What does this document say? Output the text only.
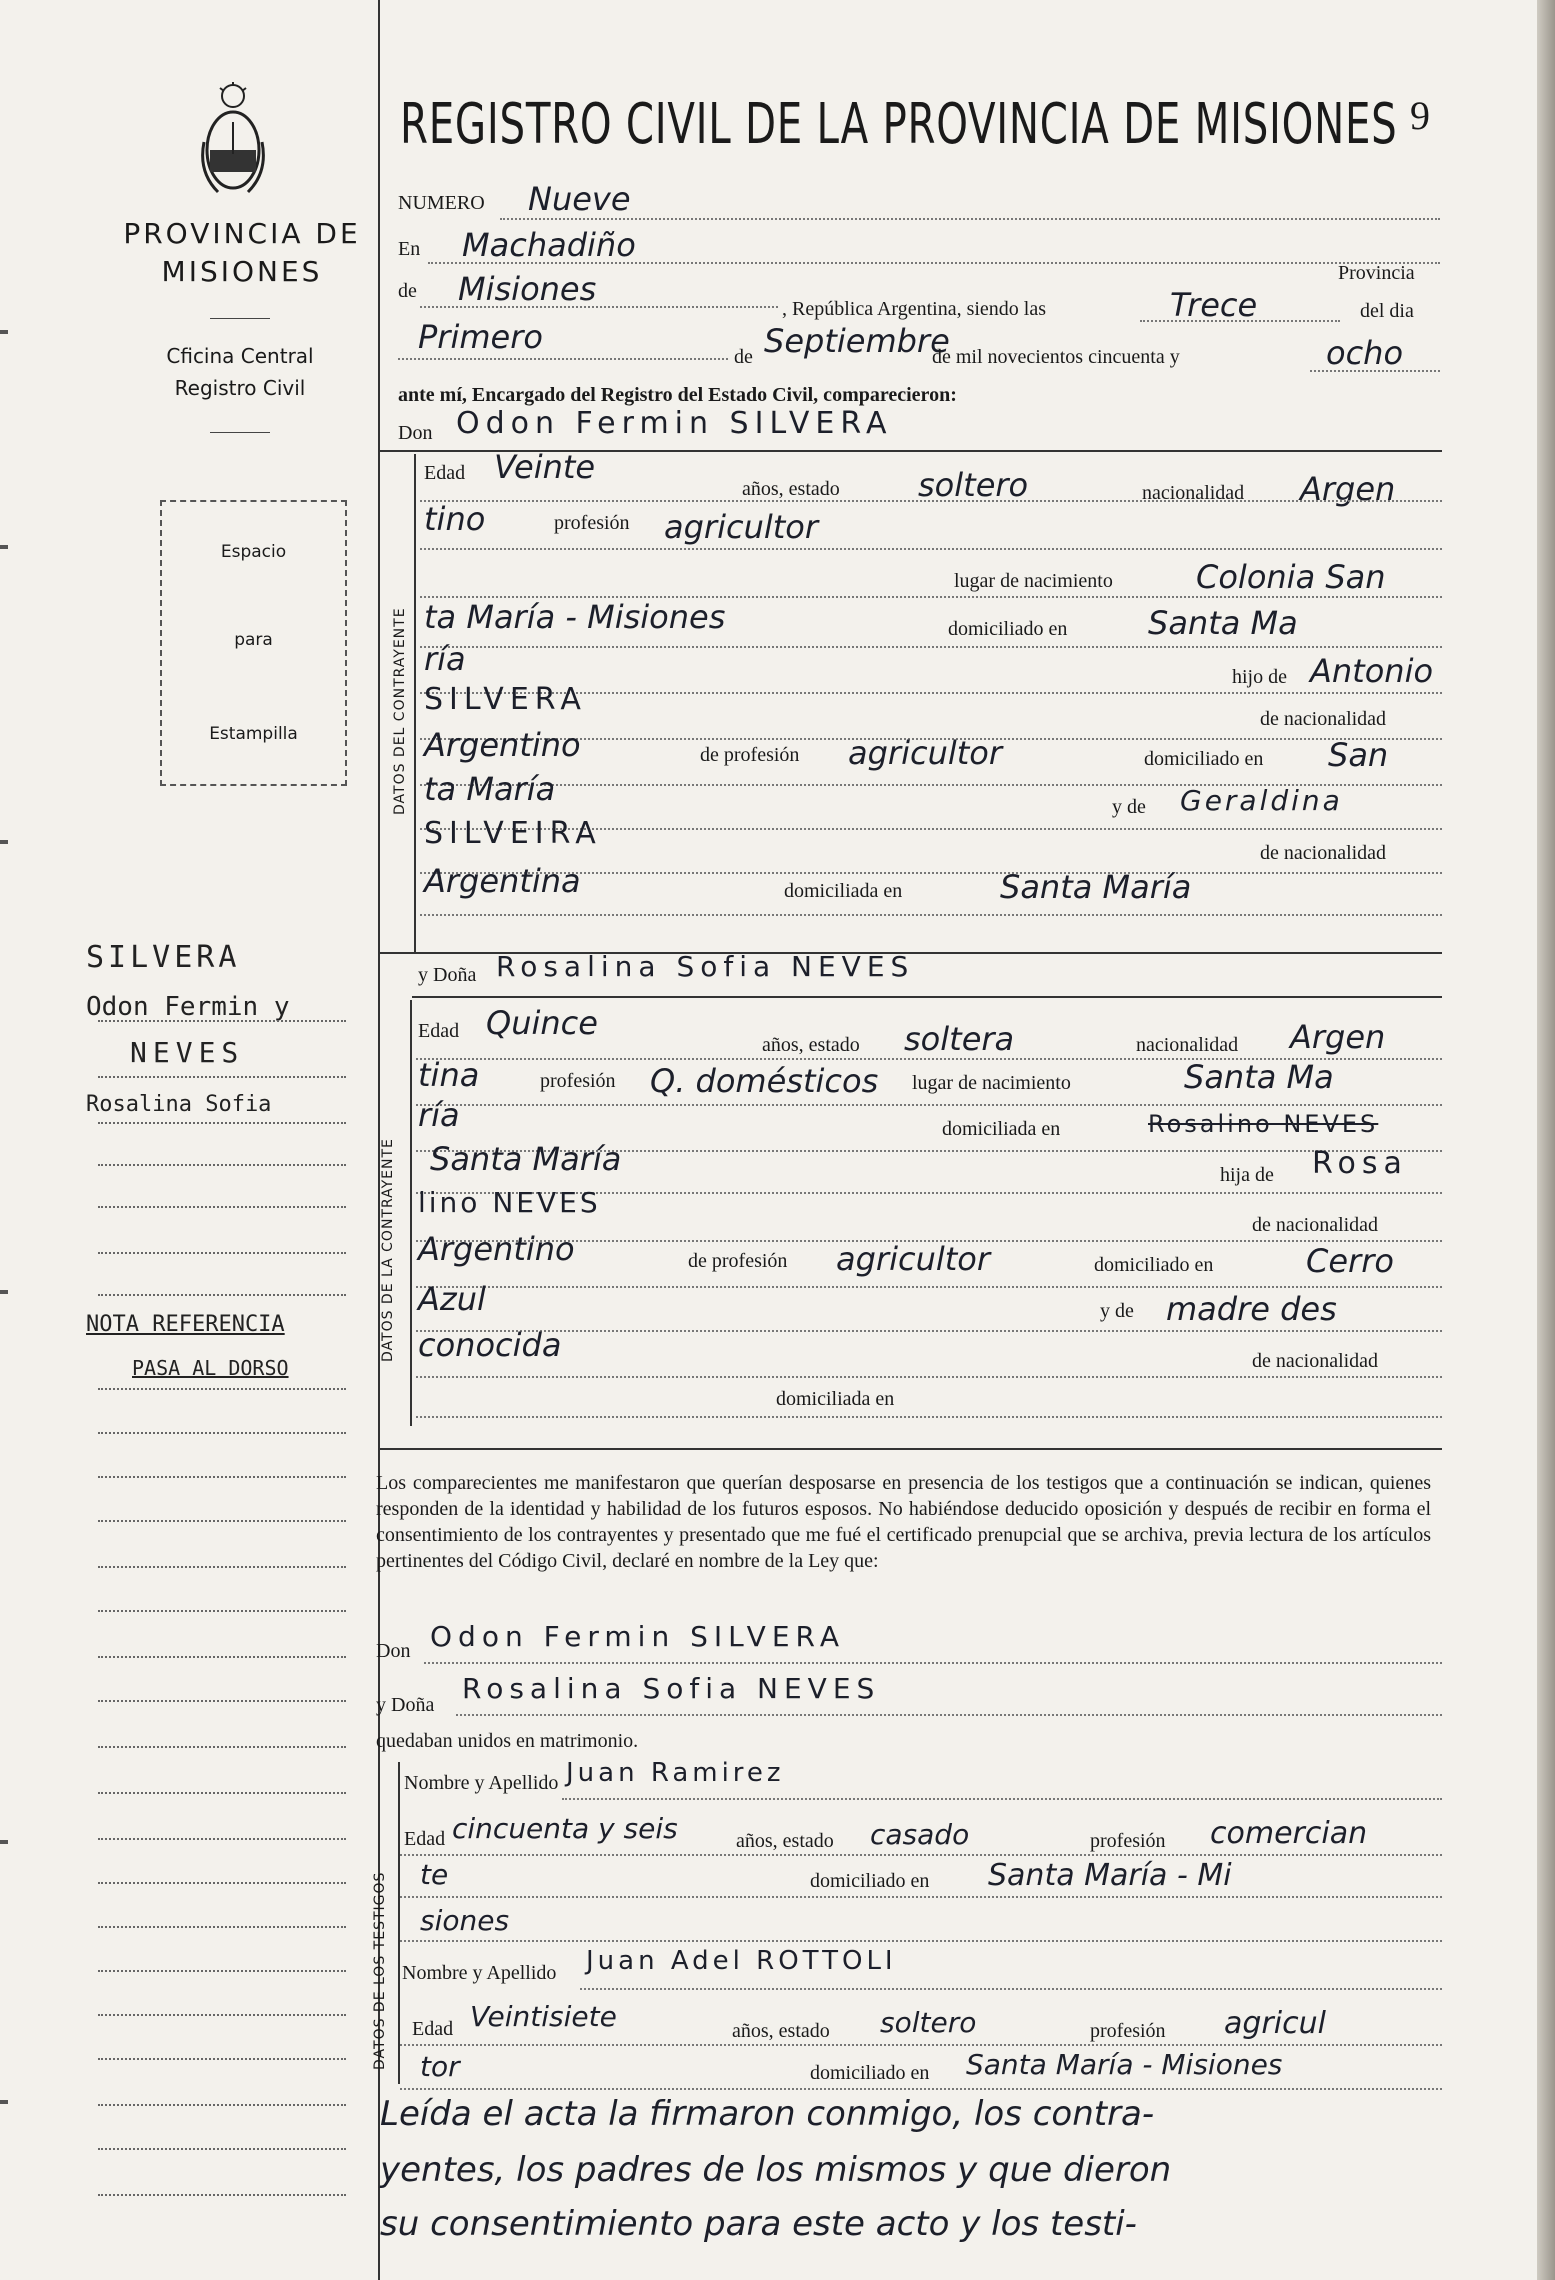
PROVINCIA DE
MISIONES
Cficina Central
Registro Civil
Espacio
para
Estampilla
SILVERA
Odon Fermin y
NEVES
Rosalina Sofia
NOTA REFERENCIA
PASA AL DORSO
REGISTRO CIVIL DE LA PROVINCIA DE MISIONES 9
NUMERO Nueve
En Machadiño
Provincia
de Misiones
, República Argentina, siendo las	Trece	del dia
Primero
de Septiembre
de mil novecientos cincuenta y	ocho
ante mí, Encargado del Registro del Estado Civil, comparecieron:
Don Odon Fermin SILVERA
DATOS DEL CONTRAYENTE
Edad Veinte
años, estado soltero	nacionalidad Argen
tino	profesión agricultor
lugar de nacimiento	Colonia San
ta María - Misiones	domiciliado en	Santa Ma
ría	hijo de Antonio
SILVERA
de nacionalidad
Argentino	de profesión agricultor	domiciliado en San
ta María	y de Geraldina
SILVEIRA
de nacionalidad
Argentina	domiciliada en	Santa María
y Doña Rosalina Sofia NEVES
DATOS DE LA CONTRAYENTE
Edad Quince
años, estado soltera	nacionalidad Argen
tina	profesión Q. domésticos lugar de nacimiento	Santa Ma
ría	domiciliada en	Rosalino NEVES
Santa María	hija de Rosa
lino NEVES
de nacionalidad
Argentino	de profesión agricultor	domiciliado en	Cerro
Azul	y de madre des
conocida	de nacionalidad
domiciliada en
Los comparecientes me manifestaron que querían desposarse en presencia de los testigos que a continuación se indican, quienes responden de la identidad y habilidad de los futuros esposos. No habiéndose deducido oposición y después de recibir en forma el consentimiento de los contrayentes y presentado que me fué el certificado prenupcial que se archiva, previa lectura de los artículos pertinentes del Código Civil, declaré en nombre de la Ley que:
Don Odon Fermin SILVERA
y Doña Rosalina Sofia NEVES
quedaban unidos en matrimonio.
DATOS DE LOS TESTIGOS
Nombre y Apellido Juan Ramirez
Edad cincuenta y seis	años, estado casado	profesión comercian
te	domiciliado en Santa María - Mi
siones
Nombre y Apellido Juan Adel ROTTOLI
Edad Veintisiete	años, estado soltero	profesión agricul
tor	domiciliado en Santa María - Misiones
Leída el acta la firmaron conmigo, los contra-
yentes, los padres de los mismos y que dieron
su consentimiento para este acto y los testi-
